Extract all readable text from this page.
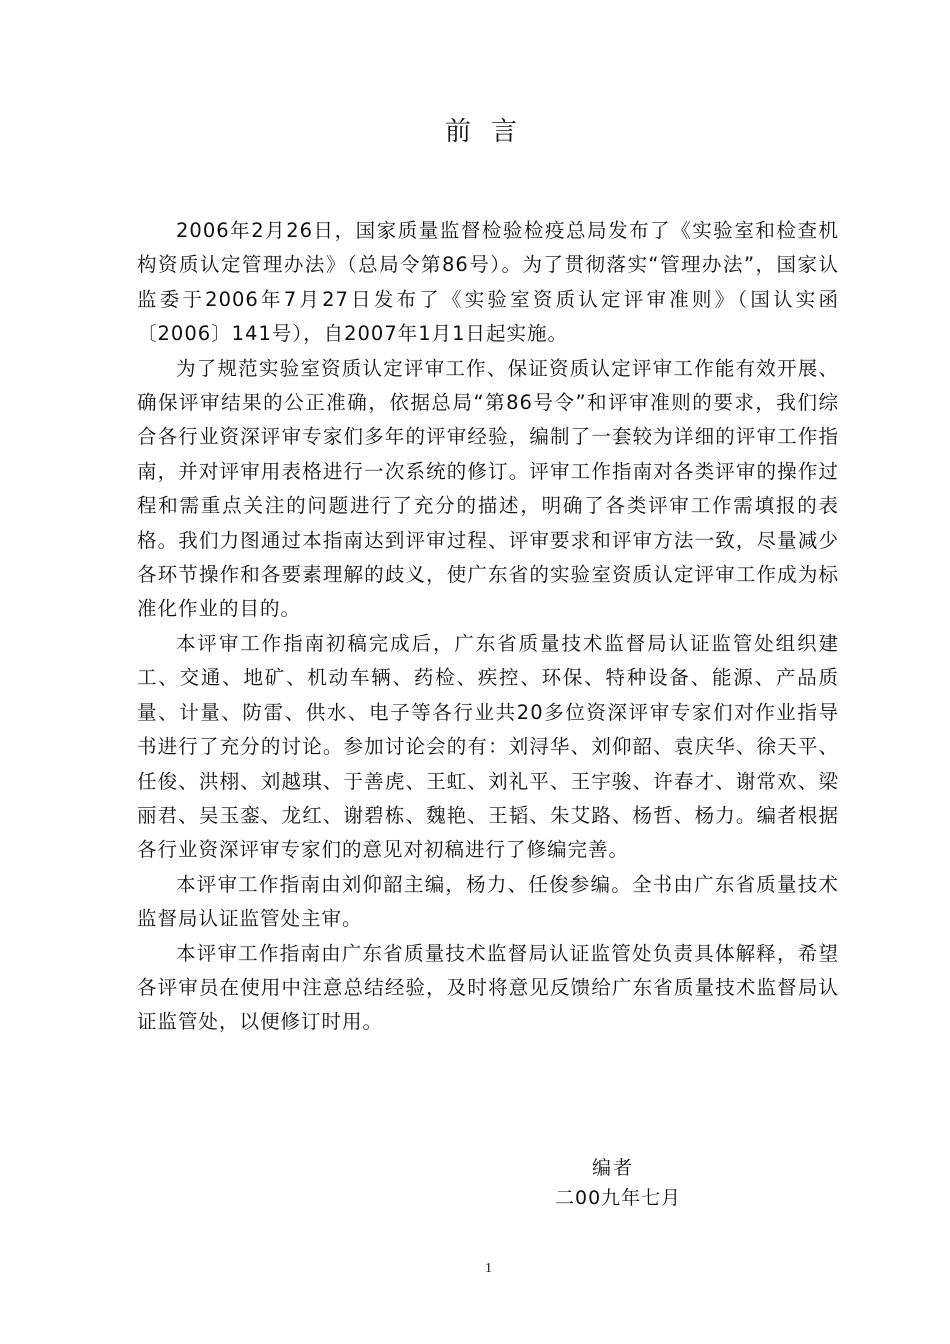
前言

2006年2月26日，国家质量监督检验检疫总局发布了《实验室和检查机构资质认定管理办法》（总局令第86号）。为了贯彻落实“管理办法”，国家认监委于2006年7月27日发布了《实验室资质认定评审准则》（国认实函〔2006〕141号），自2007年1月1日起实施。

为了规范实验室资质认定评审工作、保证资质认定评审工作能有效开展、确保评审结果的公正准确，依据总局“第86号令”和评审准则的要求，我们综合各行业资深评审专家们多年的评审经验，编制了一套较为详细的评审工作指南，并对评审用表格进行一次系统的修订。评审工作指南对各类评审的操作过程和需重点关注的问题进行了充分的描述，明确了各类评审工作需填报的表格。我们力图通过本指南达到评审过程、评审要求和评审方法一致，尽量减少各环节操作和各要素理解的歧义，使广东省的实验室资质认定评审工作成为标准化作业的目的。

本评审工作指南初稿完成后，广东省质量技术监督局认证监管处组织建工、交通、地矿、机动车辆、药检、疾控、环保、特种设备、能源、产品质量、计量、防雷、供水、电子等各行业共20多位资深评审专家们对作业指导书进行了充分的讨论。参加讨论会的有：刘浔华、刘仰韶、袁庆华、徐天平、任俊、洪栩、刘越琪、于善虎、王虹、刘礼平、王宇骏、许春才、谢常欢、梁丽君、吴玉銮、龙红、谢碧栋、魏艳、王韬、朱艾路、杨哲、杨力。编者根据各行业资深评审专家们的意见对初稿进行了修编完善。

本评审工作指南由刘仰韶主编，杨力、任俊参编。全书由广东省质量技术监督局认证监管处主审。

本评审工作指南由广东省质量技术监督局认证监管处负责具体解释，希望各评审员在使用中注意总结经验，及时将意见反馈给广东省质量技术监督局认证监管处，以便修订时用。

编者
二00九年七月
1
